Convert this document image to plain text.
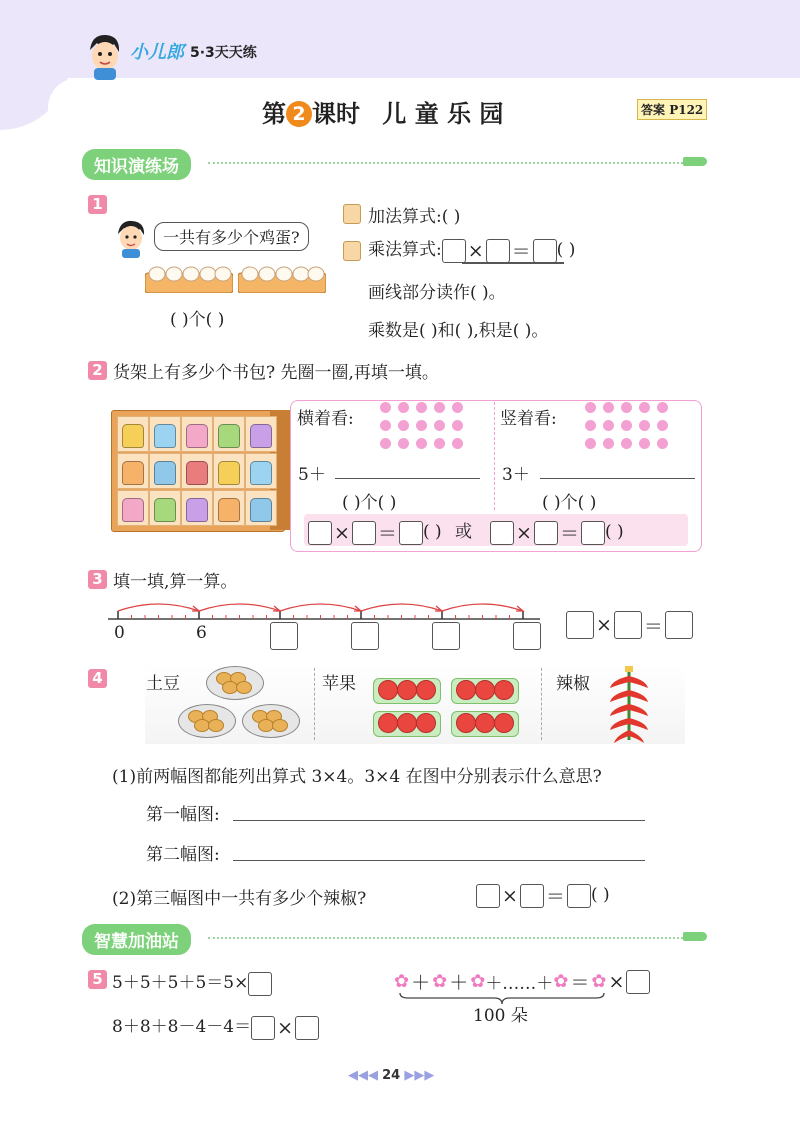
小儿郎 5·3天天练
第 2 课时 儿 童 乐 园	答案 P122
知识演练场
1
一共有多少个鸡蛋?
( )个( )
加法算式:( )
乘法算式: × ＝ ( )
画线部分读作( )。
乘数是( )和( ),积是( )。
2 货架上有多少个书包? 先圈一圈,再填一填。
横着看:	竖着看:
5＋	3＋
( )个( )	( )个( )
× ＝ ( ) 或 × ＝ ( )
3 填一填,算一算。
0	6	× ＝
4	土豆	苹果	辣椒
(1)前两幅图都能列出算式 3×4。3×4 在图中分别表示什么意思?
第一幅图:
第二幅图:
(2)第三幅图中一共有多少个辣椒?	× ＝ ( )
智慧加油站
5 5＋5＋5＋5＝5×
8＋8＋8－4－4＝ ×
✿ ＋ ✿ ＋ ✿＋……＋✿ ＝ ✿ ×
100 朵
◀◀◀ 24 ▶▶▶
